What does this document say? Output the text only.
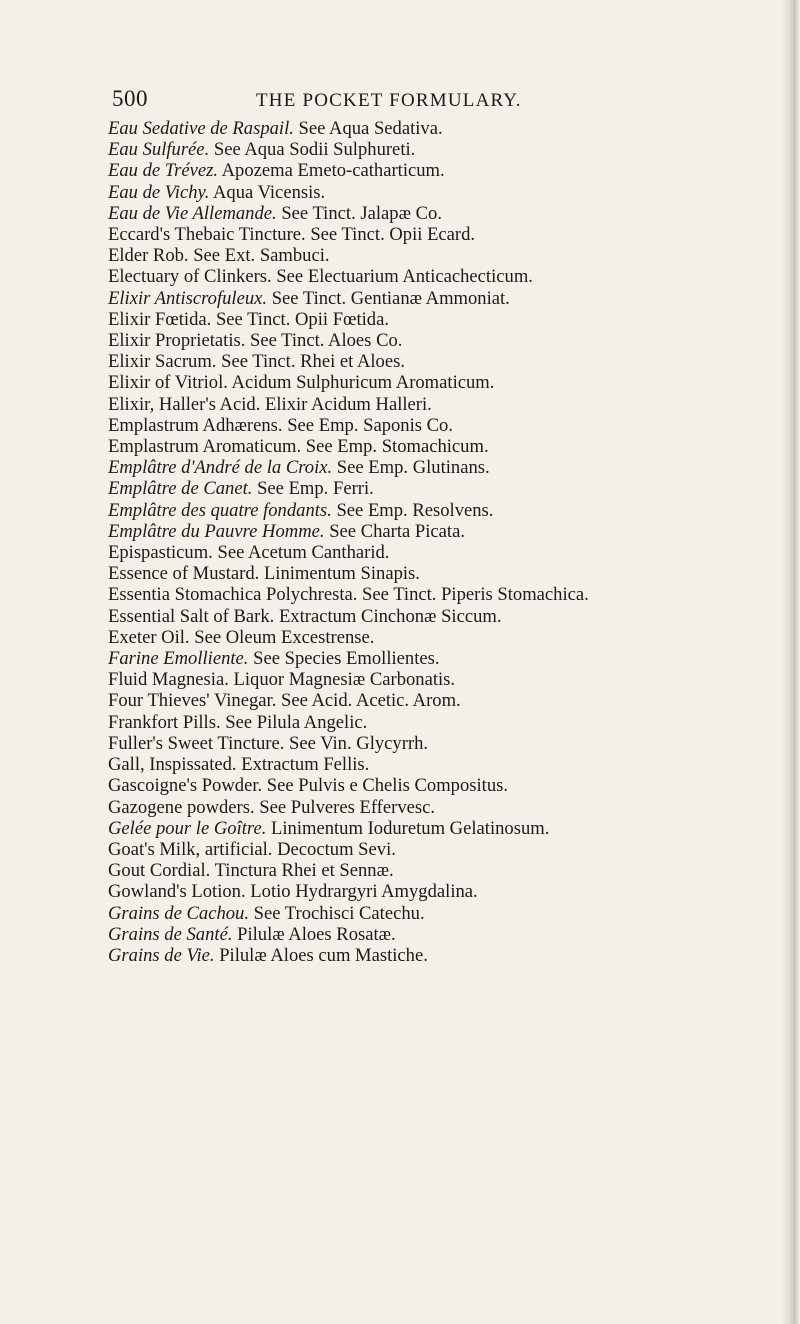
500	THE POCKET FORMULARY.
Eau Sedative de Raspail. See Aqua Sedativa.
Eau Sulfurée. See Aqua Sodii Sulphureti.
Eau de Trévez. Apozema Emeto-catharticum.
Eau de Vichy. Aqua Vicensis.
Eau de Vie Allemande. See Tinct. Jalapæ Co.
Eccard's Thebaic Tincture. See Tinct. Opii Ecard.
Elder Rob. See Ext. Sambuci.
Electuary of Clinkers. See Electuarium Anticachecticum.
Elixir Antiscrofuleux. See Tinct. Gentianæ Ammoniat.
Elixir Fœtida. See Tinct. Opii Fœtida.
Elixir Proprietatis. See Tinct. Aloes Co.
Elixir Sacrum. See Tinct. Rhei et Aloes.
Elixir of Vitriol. Acidum Sulphuricum Aromaticum.
Elixir, Haller's Acid. Elixir Acidum Halleri.
Emplastrum Adhærens. See Emp. Saponis Co.
Emplastrum Aromaticum. See Emp. Stomachicum.
Emplâtre d'André de la Croix. See Emp. Glutinans.
Emplâtre de Canet. See Emp. Ferri.
Emplâtre des quatre fondants. See Emp. Resolvens.
Emplâtre du Pauvre Homme. See Charta Picata.
Epispasticum. See Acetum Cantharid.
Essence of Mustard. Linimentum Sinapis.
Essentia Stomachica Polychresta. See Tinct. Piperis Stomachica.
Essential Salt of Bark. Extractum Cinchonæ Siccum.
Exeter Oil. See Oleum Excestrense.
Farine Emolliente. See Species Emollientes.
Fluid Magnesia. Liquor Magnesiæ Carbonatis.
Four Thieves' Vinegar. See Acid. Acetic. Arom.
Frankfort Pills. See Pilula Angelic.
Fuller's Sweet Tincture. See Vin. Glycyrrh.
Gall, Inspissated. Extractum Fellis.
Gascoigne's Powder. See Pulvis e Chelis Compositus.
Gazogene powders. See Pulveres Effervesc.
Gelée pour le Goître. Linimentum Ioduretum Gelatinosum.
Goat's Milk, artificial. Decoctum Sevi.
Gout Cordial. Tinctura Rhei et Sennæ.
Gowland's Lotion. Lotio Hydrargyri Amygdalina.
Grains de Cachou. See Trochisci Catechu.
Grains de Santé. Pilulæ Aloes Rosatæ.
Grains de Vie. Pilulæ Aloes cum Mastiche.
